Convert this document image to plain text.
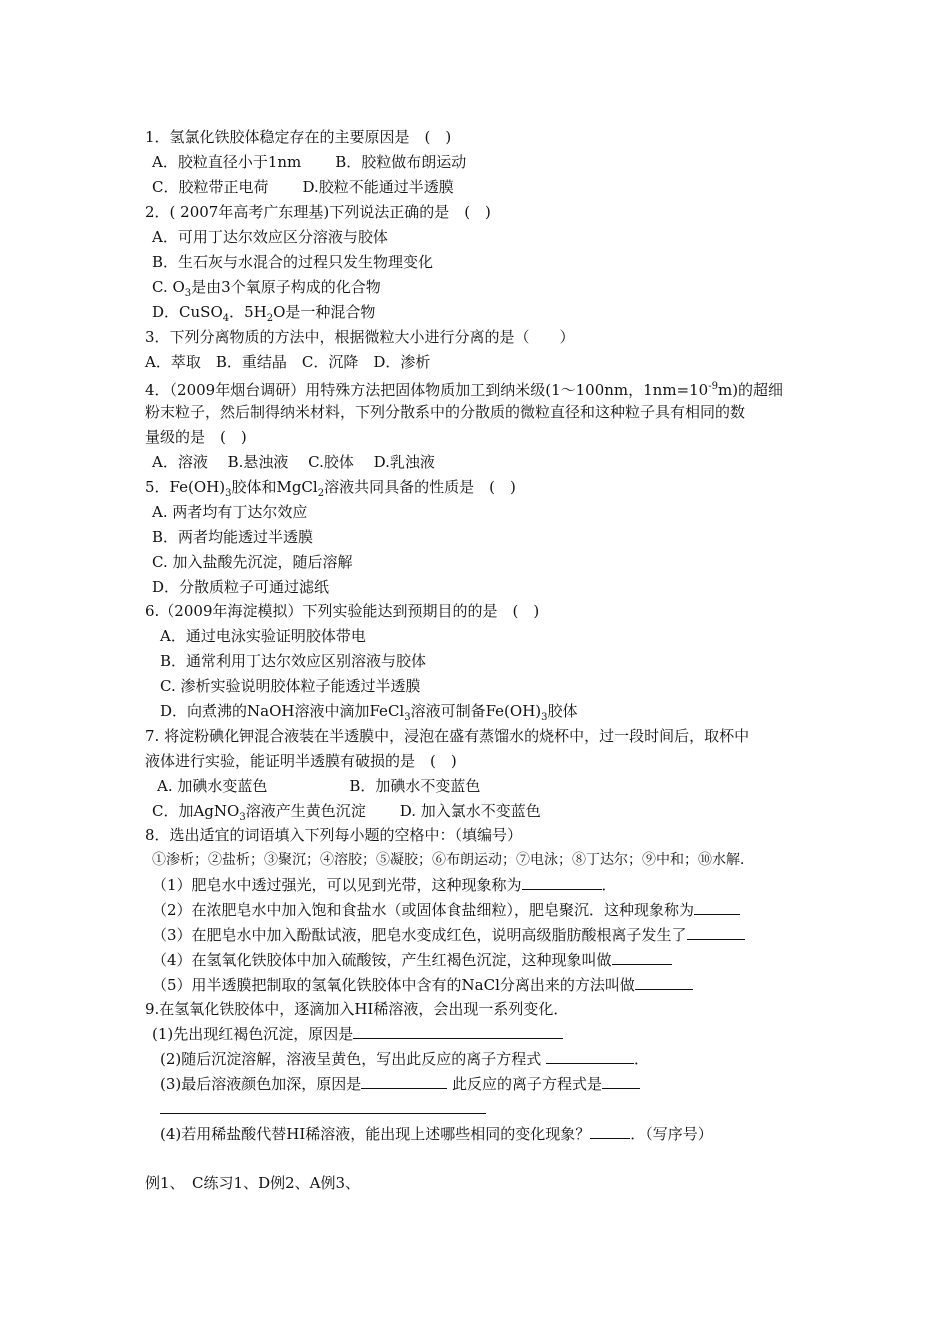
1．氢氯化铁胶体稳定存在的主要原因是　(　)
A．胶粒直径小于1nm B．胶粒做布朗运动
C．胶粒带正电荷 D.胶粒不能通过半透膜
2．( 2007年高考广东理基)下列说法正确的是　(　)
A．可用丁达尔效应区分溶液与胶体
B．生石灰与水混合的过程只发生物理变化
C. $O_3$是由3个氧原子构成的化合物
D．CuSO$_4$．$5H_2O$是一种混合物
3．下列分离物质的方法中，根据微粒大小进行分离的是（　　）
A．萃取　B．重结晶　C．沉降　D．渗析
4．（2009年烟台调研）用特殊方法把固体物质加工到纳米级(1～100nm，$1nm=10^{-9}m$)的超细
粉末粒子，然后制得纳米材料，下列分散系中的分散质的微粒直径和这种粒子具有相同的数
量级的是　(　)
A．溶液　 B.悬浊液　 C.胶体　 D.乳浊液
5．$Fe(OH)_3$胶体和MgCl$_2$溶液共同具备的性质是　(　)
A. 两者均有丁达尔效应
B．两者均能透过半透膜
C. 加入盐酸先沉淀，随后溶解
D．分散质粒子可通过滤纸
6.（2009年海淀模拟）下列实验能达到预期目的的是　(　)
A．通过电泳实验证明胶体带电
B．通常利用丁达尔效应区别溶液与胶体
C. 渗析实验说明胶体粒子能透过半透膜
D．向煮沸的NaOH溶液中滴加FeCl$_3$溶液可制备$Fe(OH)_3$胶体
7. 将淀粉碘化钾混合液装在半透膜中，浸泡在盛有蒸馏水的烧杯中，过一段时间后，取杯中
液体进行实验，能证明半透膜有破损的是　(　)
A. 加碘水变蓝色	B．加碘水不变蓝色
C．加AgNO$_3$溶液产生黄色沉淀 D. 加入氯水不变蓝色
8．选出适宜的词语填入下列每小题的空格中：（填编号）
①渗析；②盐析；③聚沉；④溶胶；⑤凝胶；⑥布朗运动；⑦电泳；⑧丁达尔；⑨中和；⑩水解．
（1）肥皂水中透过强光，可以见到光带，这种现象称为	．
（2）在浓肥皂水中加入饱和食盐水（或固体食盐细粒），肥皂聚沉．这种现象称为
（3）在肥皂水中加入酚酞试液，肥皂水变成红色，说明高级脂肪酸根离子发生了
（4）在氢氧化铁胶体中加入硫酸铵，产生红褐色沉淀，这种现象叫做
（5）用半透膜把制取的氢氧化铁胶体中含有的NaCl分离出来的方法叫做
9.在氢氧化铁胶体中，逐滴加入HI稀溶液，会出现一系列变化．
(1)先出现红褐色沉淀，原因是
(2)随后沉淀溶解，溶液呈黄色，写出此反应的离子方程式	．
(3)最后溶液颜色加深，原因是	此反应的离子方程式是
(4)若用稀盐酸代替HI稀溶液，能出现上述哪些相同的变化现象？	．（写序号）
例1、　C练习1、D例2、A例3、
